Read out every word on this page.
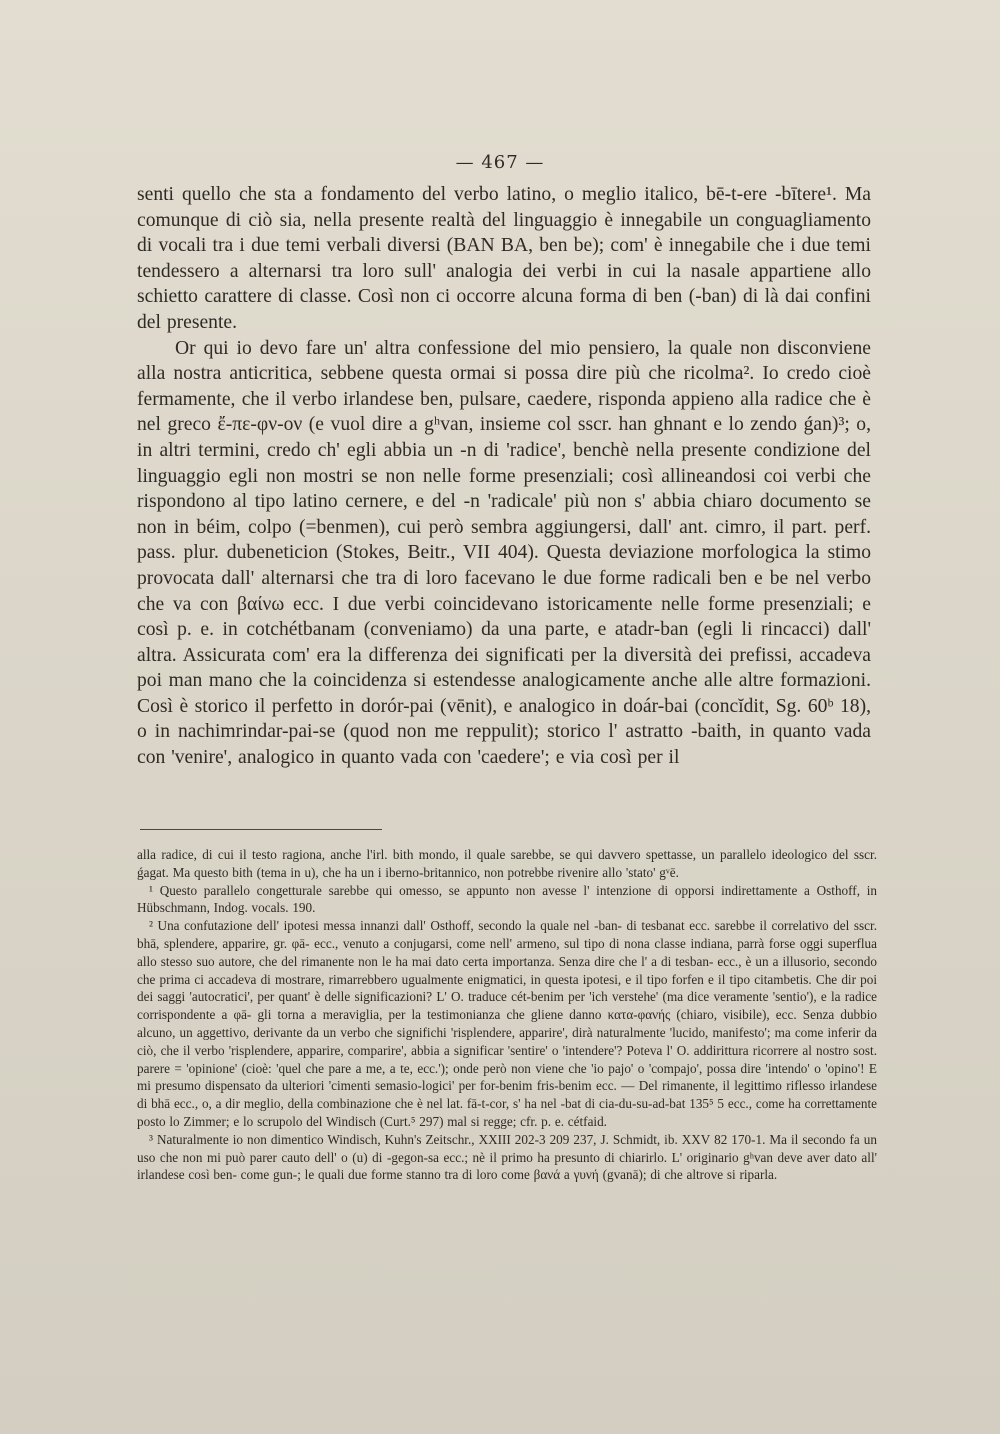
— 467 —

senti quello che sta a fondamento del verbo latino, o meglio italico, bē-t-ere -bītere¹. Ma comunque di ciò sia, nella presente realtà del linguaggio è innegabile un conguagliamento di vocali tra i due temi verbali diversi (BAN BA, ben be); com' è innegabile che i due temi tendessero a alternarsi tra loro sull' analogia dei verbi in cui la nasale appartiene allo schietto carattere di classe. Così non ci occorre alcuna forma di ben (-ban) di là dai confini del presente.

Or qui io devo fare un' altra confessione del mio pensiero, la quale non disconviene alla nostra anticritica, sebbene questa ormai si possa dire più che ricolma². Io credo cioè fermamente, che il verbo irlandese ben, pulsare, caedere, risponda appieno alla radice che è nel greco ἔ-πε-φν-ον (e vuol dire a gʰvan, insieme col sscr. han ghnant e lo zendo ǵan)³; o, in altri termini, credo ch' egli abbia un -n di 'radice', benchè nella presente condizione del linguaggio egli non mostri se non nelle forme presenziali; così allineandosi coi verbi che rispondono al tipo latino cernere, e del -n 'radicale' più non s' abbia chiaro documento se non in béim, colpo (=benmen), cui però sembra aggiungersi, dall' ant. cimro, il part. perf. pass. plur. dubeneticion (Stokes, Beitr., VII 404). Questa deviazione morfologica la stimo provocata dall' alternarsi che tra di loro facevano le due forme radicali ben e be nel verbo che va con βαίνω ecc. I due verbi coincidevano istoricamente nelle forme presenziali; e così p. e. in cotchétbanam (conveniamo) da una parte, e atadr-ban (egli li rincacci) dall' altra. Assicurata com' era la differenza dei significati per la diversità dei prefissi, accadeva poi man mano che la coincidenza si estendesse analogicamente anche alle altre formazioni. Così è storico il perfetto in dorór-pai (vēnit), e analogico in doár-bai (concĭdit, Sg. 60ᵇ 18), o in nachimrindar-pai-se (quod non me reppulit); storico l' astratto -baith, in quanto vada con 'venire', analogico in quanto vada con 'caedere'; e via così per il

alla radice, di cui il testo ragiona, anche l'irl. bith mondo, il quale sarebbe, se qui davvero spettasse, un parallelo ideologico del sscr. ǵagat. Ma questo bith (tema in u), che ha un i iberno-britannico, non potrebbe rivenire allo 'stato' gᵛē.

¹ Questo parallelo congetturale sarebbe qui omesso, se appunto non avesse l' intenzione di opporsi indirettamente a Osthoff, in Hübschmann, Indog. vocals. 190.

² Una confutazione dell' ipotesi messa innanzi dall' Osthoff, secondo la quale nel -ban- di tesbanat ecc. sarebbe il correlativo del sscr. bhā, splendere, apparire, gr. φā- ecc., venuto a conjugarsi, come nell' armeno, sul tipo di nona classe indiana, parrà forse oggi superflua allo stesso suo autore, che del rimanente non le ha mai dato certa importanza. Senza dire che l' a di tesban- ecc., è un a illusorio, secondo che prima ci accadeva di mostrare, rimarrebbero ugualmente enigmatici, in questa ipotesi, e il tipo forfen e il tipo citambetis. Che dir poi dei saggi 'autocratici', per quant' è delle significazioni? L' O. traduce cét-benim per 'ich verstehe' (ma dice veramente 'sentio'), e la radice corrispondente a φā- gli torna a meraviglia, per la testimonianza che gliene danno κατα-φανής (chiaro, visibile), ecc. Senza dubbio alcuno, un aggettivo, derivante da un verbo che significhi 'risplendere, apparire', dirà naturalmente 'lucido, manifesto'; ma come inferir da ciò, che il verbo 'risplendere, apparire, comparire', abbia a significar 'sentire' o 'intendere'? Poteva l' O. addirittura ricorrere al nostro sost. parere = 'opinione' (cioè: 'quel che pare a me, a te, ecc.'); onde però non viene che 'io pajo' o 'compajo', possa dire 'intendo' o 'opino'! E mi presumo dispensato da ulteriori 'cimenti semasio-logici' per for-benim fris-benim ecc. — Del rimanente, il legittimo riflesso irlandese di bhā ecc., o, a dir meglio, della combinazione che è nel lat. fā-t-cor, s' ha nel -bat di cia-du-su-ad-bat 135⁵ 5 ecc., come ha correttamente posto lo Zimmer; e lo scrupolo del Windisch (Curt.⁵ 297) mal si regge; cfr. p. e. cétfaid.

³ Naturalmente io non dimentico Windisch, Kuhn's Zeitschr., XXIII 202-3 209 237, J. Schmidt, ib. XXV 82 170-1. Ma il secondo fa un uso che non mi può parer cauto dell' o (u) di -gegon-sa ecc.; nè il primo ha presunto di chiarirlo. L' originario gʰvan deve aver dato all' irlandese così ben- come gun-; le quali due forme stanno tra di loro come βανά a γυνή (gvanā); di che altrove si riparla.
